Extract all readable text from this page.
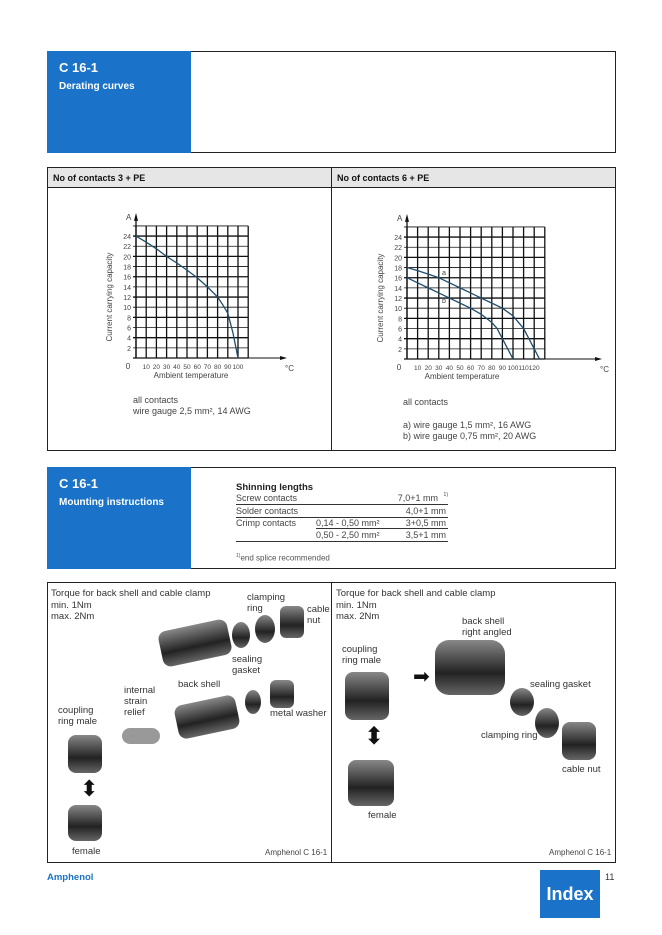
C 16-1
Derating curves
No of contacts 3 + PE	No of contacts 6 + PE
2
4
6
8
10
12
14
16
18
20
22
24
0 10 20 30 40 50 60 70 80 90 100
A
°C
Ambient temperature
Current carrying capacity
2
4
6
8
10
12
14
16
18
20
22
24
0 10 20 30 40 50 60 70 80 90 100 110 120
A
°C
Ambient temperature
Current carrying capacity	a
b
all contacts
wire gauge 2,5 mm², 14 AWG
all contacts
a) wire gauge 1,5 mm², 16 AWG
b) wire gauge 0,75 mm², 20 AWG
C 16-1
Mounting instructions
Shinning lengths
Screw contacts	7,0+1 mm 1)
Solder contacts	4,0+1 mm
Crimp contacts 0,14 - 0,50 mm²	3+0,5 mm
0,50 - 2,50 mm²	3,5+1 mm
$^{1)}$end splice recommended
Torque for back shell and cable clamp
min. 1Nm
max. 2Nm
clamping ring	cable nut
sealing gasket
back shell
internal strain relief
coupling ring male
metal washer
female	Amphenol C 16-1
⬍
Torque for back shell and cable clamp
min. 1Nm
max. 2Nm	back shell right angled
coupling ring male
sealing gasket
clamping ring
cable nut
female
Amphenol C 16-1
➡
⬍
Amphenol	11
Index
